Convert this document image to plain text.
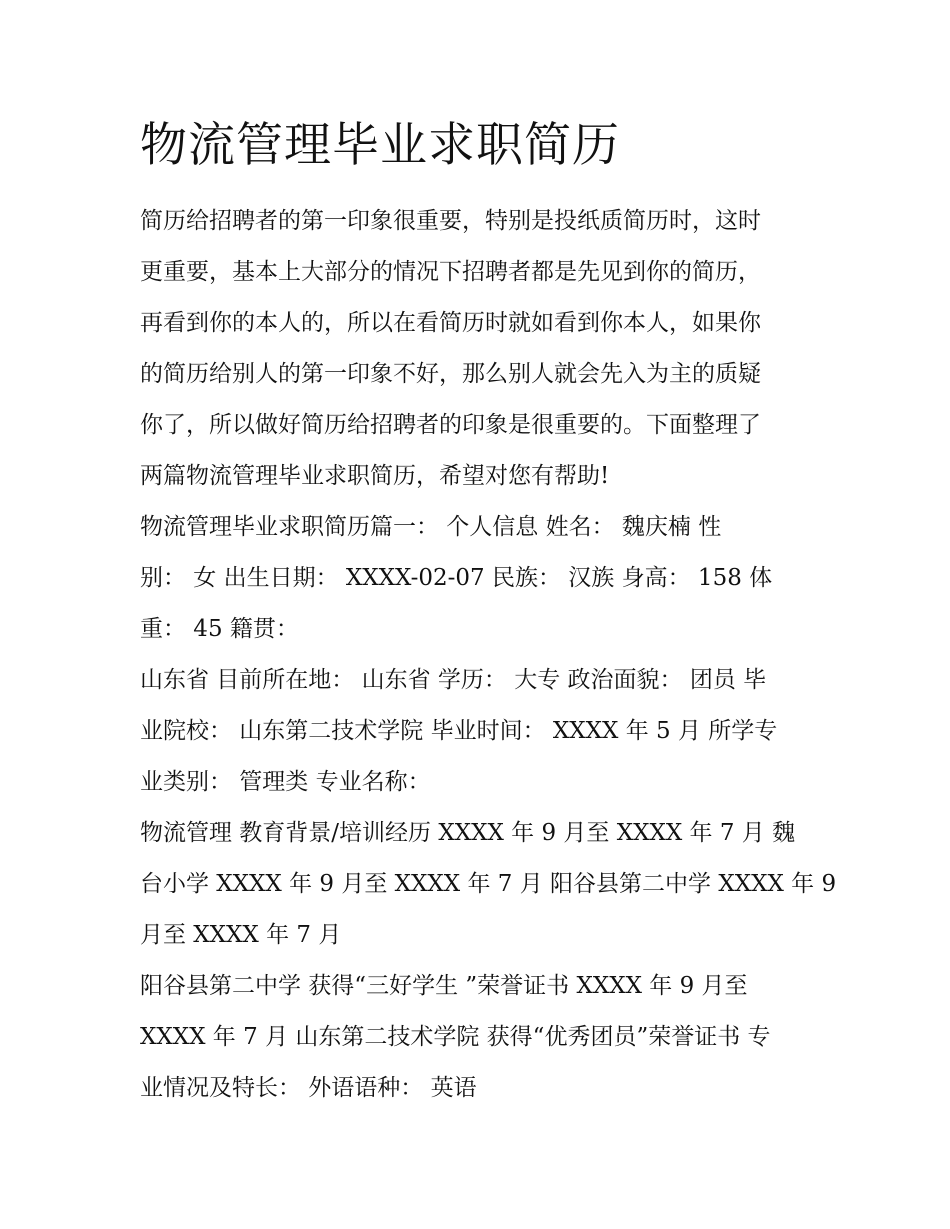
物流管理毕业求职简历

简历给招聘者的第一印象很重要，特别是投纸质简历时，这时
更重要，基本上大部分的情况下招聘者都是先见到你的简历，
再看到你的本人的，所以在看简历时就如看到你本人，如果你
的简历给别人的第一印象不好，那么别人就会先入为主的质疑
你了，所以做好简历给招聘者的印象是很重要的。下面整理了
两篇物流管理毕业求职简历，希望对您有帮助!

物流管理毕业求职简历篇一： 个人信息 姓名： 魏庆楠 性
别： 女 出生日期： XXXX-02-07 民族： 汉族 身高： 158 体
重： 45 籍贯：

山东省 目前所在地： 山东省 学历： 大专 政治面貌： 团员 毕
业院校： 山东第二技术学院 毕业时间： XXXX 年 5 月 所学专
业类别： 管理类 专业名称：

物流管理 教育背景/培训经历 XXXX 年 9 月至 XXXX 年 7 月 魏
台小学 XXXX 年 9 月至 XXXX 年 7 月 阳谷县第二中学 XXXX 年 9
月至 XXXX 年 7 月

阳谷县第二中学 获得“三好学生 ”荣誉证书 XXXX 年 9 月至
XXXX 年 7 月 山东第二技术学院 获得“优秀团员”荣誉证书 专
业情况及特长： 外语语种： 英语
